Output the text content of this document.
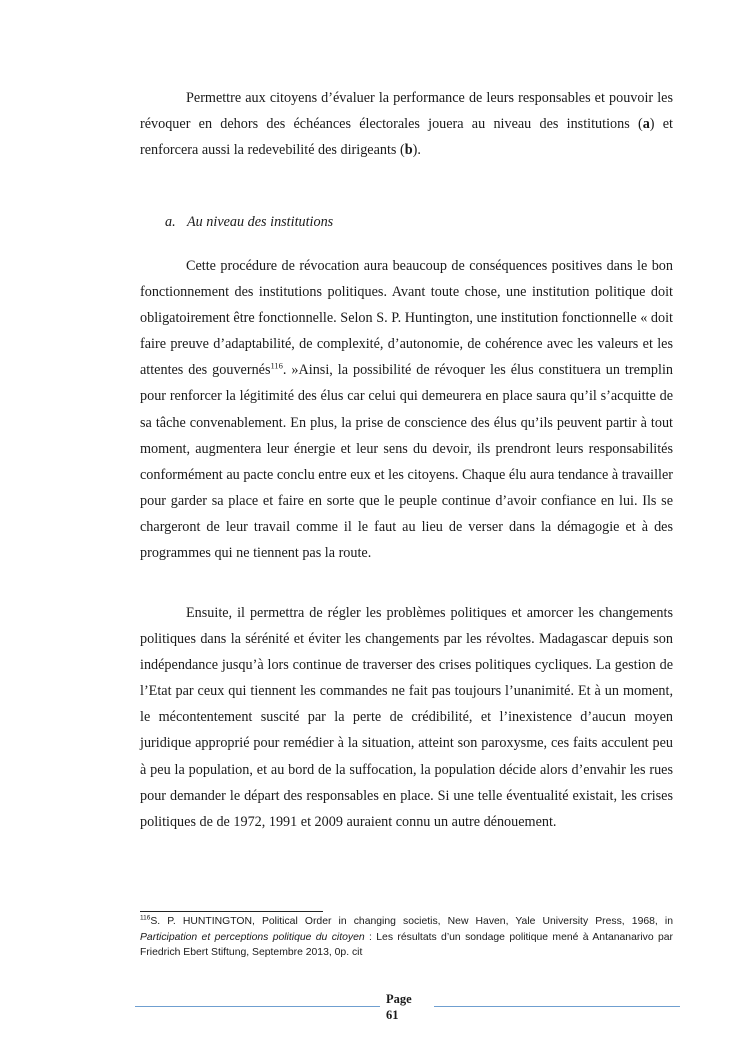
Permettre aux citoyens d’évaluer la performance de leurs responsables et pouvoir les révoquer en dehors des échéances électorales jouera au niveau des institutions (a) et renforcera aussi la redevebilité des dirigeants (b).

a. Au niveau des institutions

Cette procédure de révocation aura beaucoup de conséquences positives dans le bon fonctionnement des institutions politiques. Avant toute chose, une institution politique doit obligatoirement être fonctionnelle. Selon S. P. Huntington, une institution fonctionnelle « doit faire preuve d’adaptabilité, de complexité, d’autonomie, de cohérence avec les valeurs et les attentes des gouvernés$^{116}$. »Ainsi, la possibilité de révoquer les élus constituera un tremplin pour renforcer la légitimité des élus car celui qui demeurera en place saura qu’il s’acquitte de sa tâche convenablement. En plus, la prise de conscience des élus qu’ils peuvent partir à tout moment, augmentera leur énergie et leur sens du devoir, ils prendront leurs responsabilités conformément au pacte conclu entre eux et les citoyens. Chaque élu aura tendance à travailler pour garder sa place et faire en sorte que le peuple continue d’avoir confiance en lui. Ils se chargeront de leur travail comme il le faut au lieu de verser dans la démagogie et à des programmes qui ne tiennent pas la route.

Ensuite, il permettra de régler les problèmes politiques et amorcer les changements politiques dans la sérénité et éviter les changements par les révoltes. Madagascar depuis son indépendance jusqu’à lors continue de traverser des crises politiques cycliques. La gestion de l’Etat par ceux qui tiennent les commandes ne fait pas toujours l’unanimité. Et à un moment, le mécontentement suscité par la perte de crédibilité, et l’inexistence d’aucun moyen juridique approprié pour remédier à la situation, atteint son paroxysme, ces faits acculent peu à peu la population, et au bord de la suffocation, la population décide alors d’envahir les rues pour demander le départ des responsables en place. Si une telle éventualité existait, les crises politiques de de 1972, 1991 et 2009 auraient connu un autre dénouement.

$^{116}$S. P. HUNTINGTON, Political Order in changing societis, New Haven, Yale University Press, 1968, in Participation et perceptions politique du citoyen : Les résultats d’un sondage politique mené à Antananarivo par Friedrich Ebert Stiftung, Septembre 2013, 0p. cit
Page
61
